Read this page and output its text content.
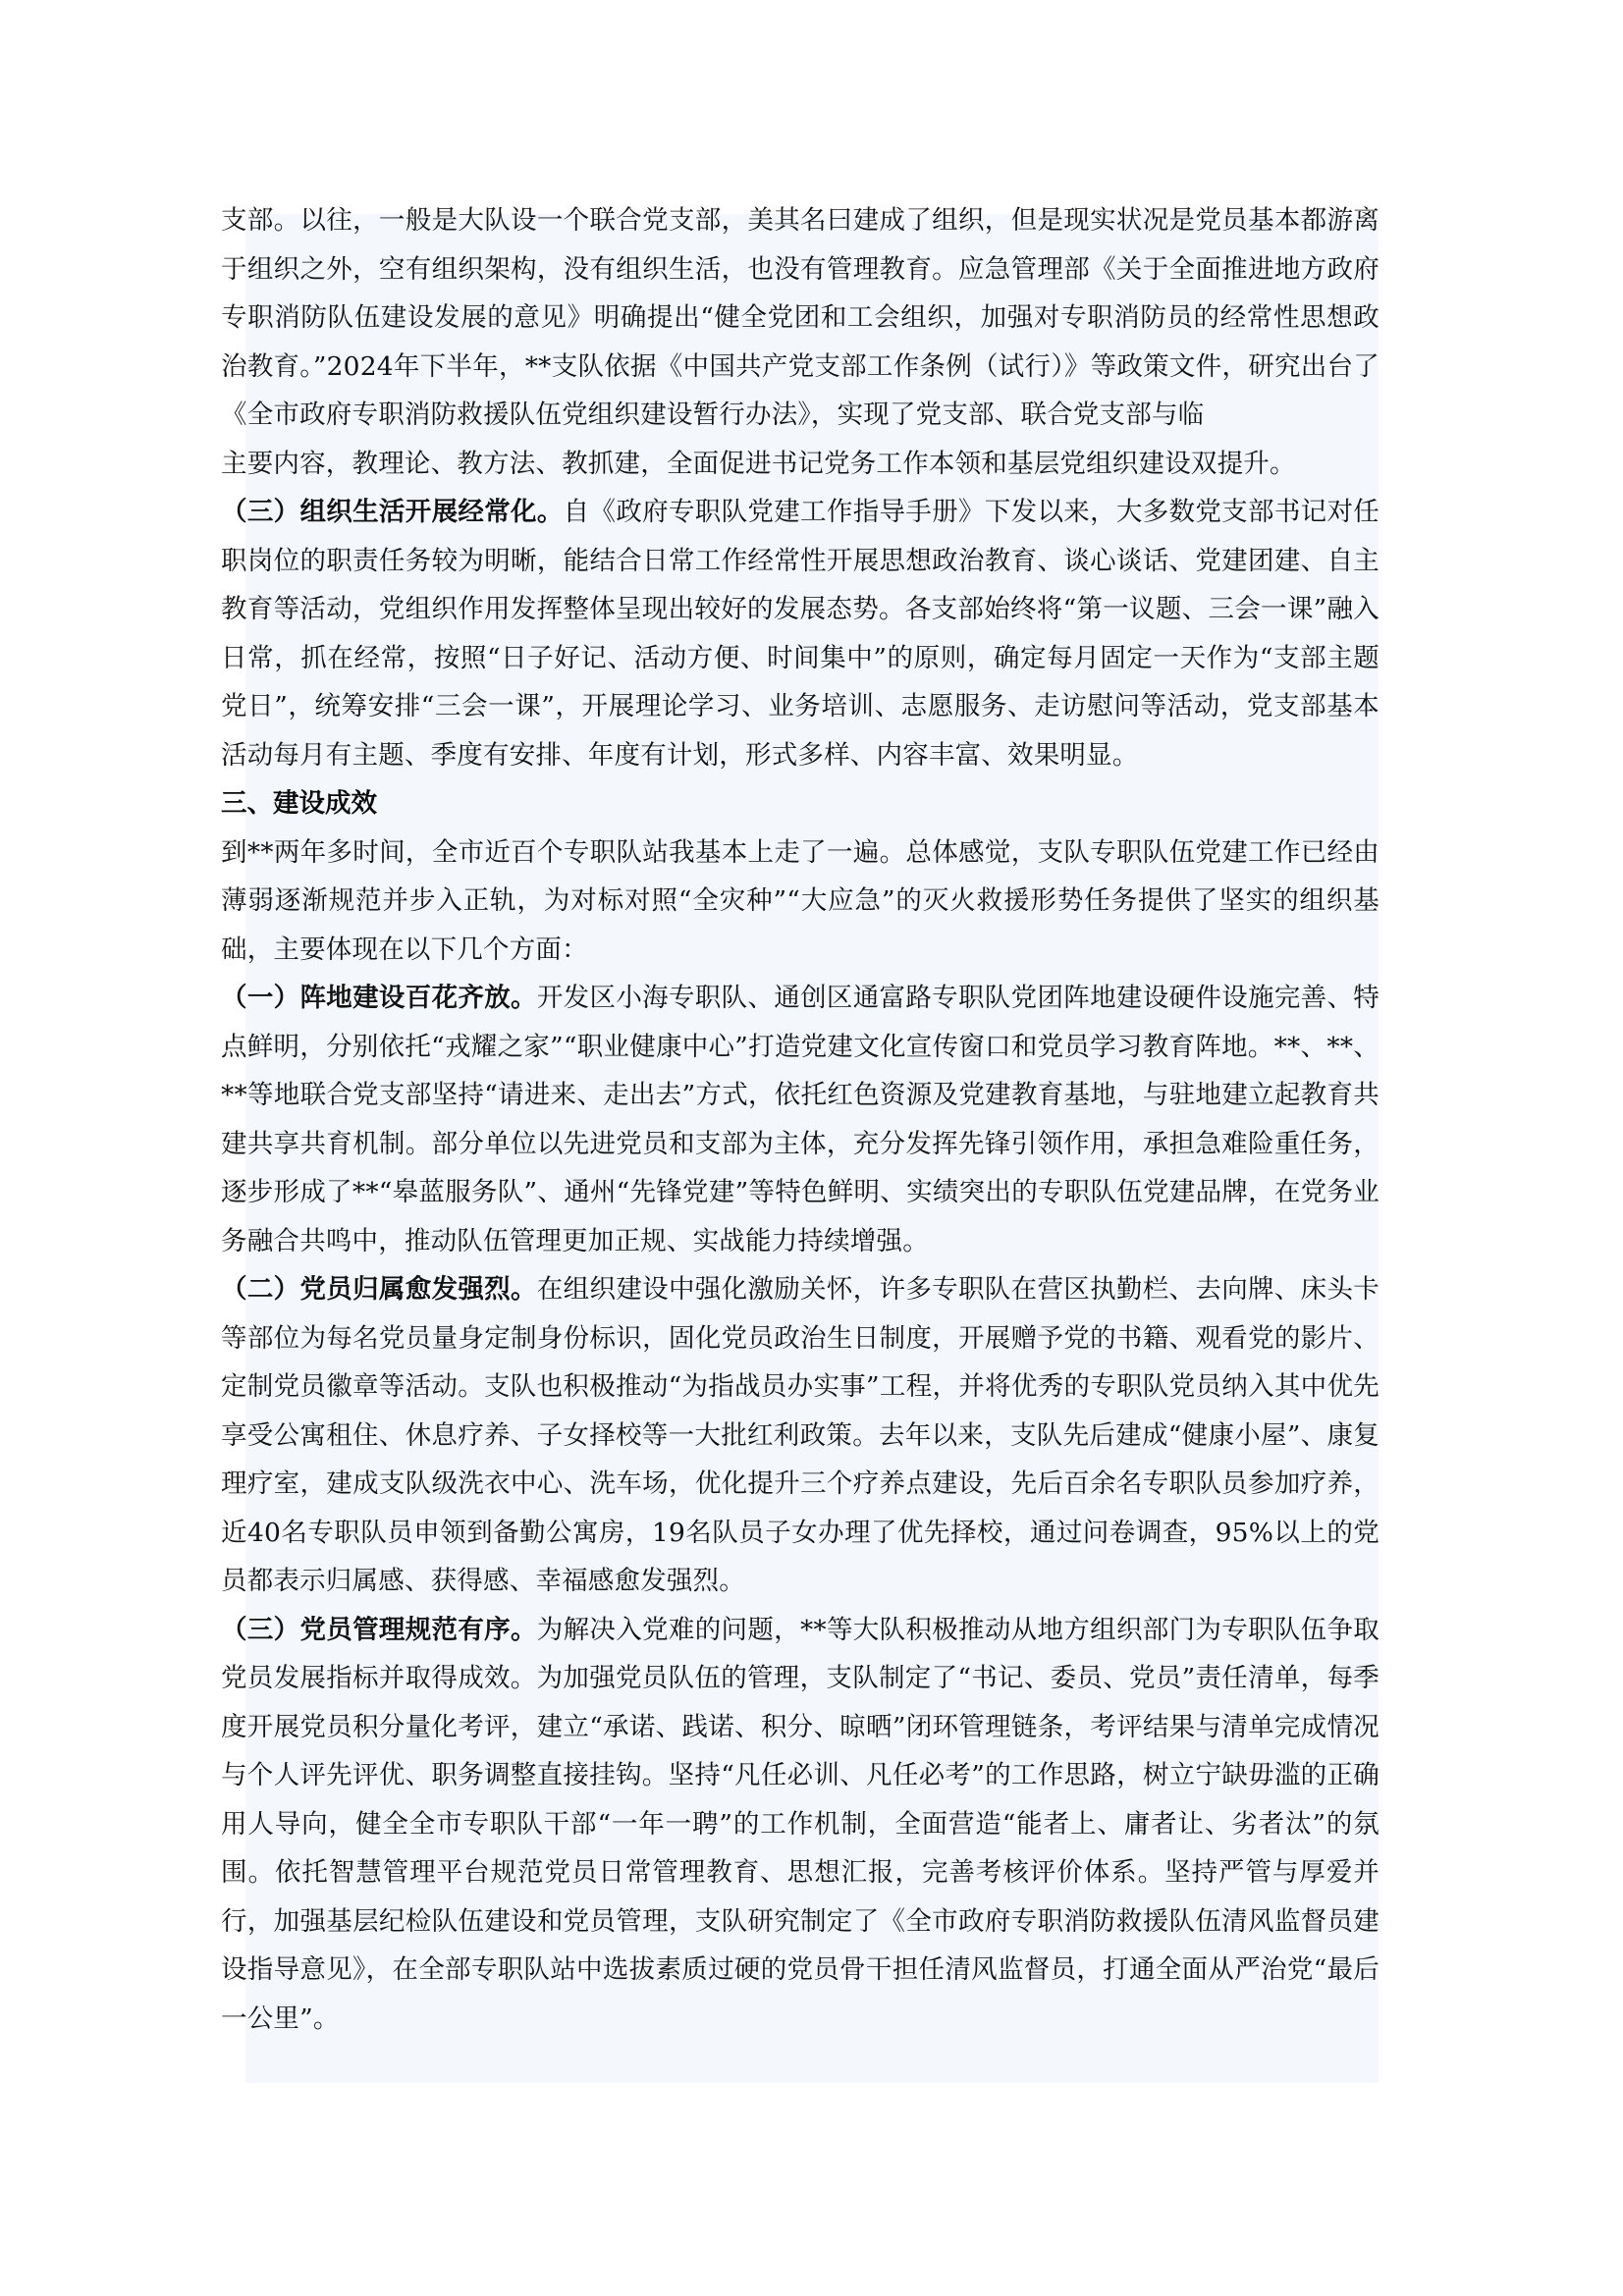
支部。以往，一般是大队设一个联合党支部，美其名曰建成了组织，但是现实状况是党员基本都游离于组织之外，空有组织架构，没有组织生活，也没有管理教育。应急管理部《关于全面推进地方政府专职消防队伍建设发展的意见》明确提出“健全党团和工会组织，加强对专职消防员的经常性思想政治教育。”2024年下半年，**支队依据《中国共产党支部工作条例（试行）》等政策文件，研究出台了《全市政府专职消防救援队伍党组织建设暂行办法》，实现了党支部、联合党支部与临

主要内容，教理论、教方法、教抓建，全面促进书记党务工作本领和基层党组织建设双提升。

（三）组织生活开展经常化。自《政府专职队党建工作指导手册》下发以来，大多数党支部书记对任职岗位的职责任务较为明晰，能结合日常工作经常性开展思想政治教育、谈心谈话、党建团建、自主教育等活动，党组织作用发挥整体呈现出较好的发展态势。各支部始终将“第一议题、三会一课”融入日常，抓在经常，按照“日子好记、活动方便、时间集中”的原则，确定每月固定一天作为“支部主题党日”，统筹安排“三会一课”，开展理论学习、业务培训、志愿服务、走访慰问等活动，党支部基本活动每月有主题、季度有安排、年度有计划，形式多样、内容丰富、效果明显。

三、建设成效

到**两年多时间，全市近百个专职队站我基本上走了一遍。总体感觉，支队专职队伍党建工作已经由薄弱逐渐规范并步入正轨，为对标对照“全灾种”“大应急”的灭火救援形势任务提供了坚实的组织基础，主要体现在以下几个方面：

（一）阵地建设百花齐放。开发区小海专职队、通创区通富路专职队党团阵地建设硬件设施完善、特点鲜明，分别依托“戎耀之家”“职业健康中心”打造党建文化宣传窗口和党员学习教育阵地。**、**、**等地联合党支部坚持“请进来、走出去”方式，依托红色资源及党建教育基地，与驻地建立起教育共建共享共育机制。部分单位以先进党员和支部为主体，充分发挥先锋引领作用，承担急难险重任务，逐步形成了**“皋蓝服务队”、通州“先锋党建”等特色鲜明、实绩突出的专职队伍党建品牌，在党务业务融合共鸣中，推动队伍管理更加正规、实战能力持续增强。

（二）党员归属愈发强烈。在组织建设中强化激励关怀，许多专职队在营区执勤栏、去向牌、床头卡等部位为每名党员量身定制身份标识，固化党员政治生日制度，开展赠予党的书籍、观看党的影片、定制党员徽章等活动。支队也积极推动“为指战员办实事”工程，并将优秀的专职队党员纳入其中优先享受公寓租住、休息疗养、子女择校等一大批红利政策。去年以来，支队先后建成“健康小屋”、康复理疗室，建成支队级洗衣中心、洗车场，优化提升三个疗养点建设，先后百余名专职队员参加疗养，近40名专职队员申领到备勤公寓房，19名队员子女办理了优先择校，通过问卷调查，95%以上的党员都表示归属感、获得感、幸福感愈发强烈。

（三）党员管理规范有序。为解决入党难的问题，**等大队积极推动从地方组织部门为专职队伍争取党员发展指标并取得成效。为加强党员队伍的管理，支队制定了“书记、委员、党员”责任清单，每季度开展党员积分量化考评，建立“承诺、践诺、积分、晾晒”闭环管理链条，考评结果与清单完成情况与个人评先评优、职务调整直接挂钩。坚持“凡任必训、凡任必考”的工作思路，树立宁缺毋滥的正确用人导向，健全全市专职队干部“一年一聘”的工作机制，全面营造“能者上、庸者让、劣者汰”的氛围。依托智慧管理平台规范党员日常管理教育、思想汇报，完善考核评价体系。坚持严管与厚爱并行，加强基层纪检队伍建设和党员管理，支队研究制定了《全市政府专职消防救援队伍清风监督员建设指导意见》，在全部专职队站中选拔素质过硬的党员骨干担任清风监督员，打通全面从严治党“最后一公里”。
